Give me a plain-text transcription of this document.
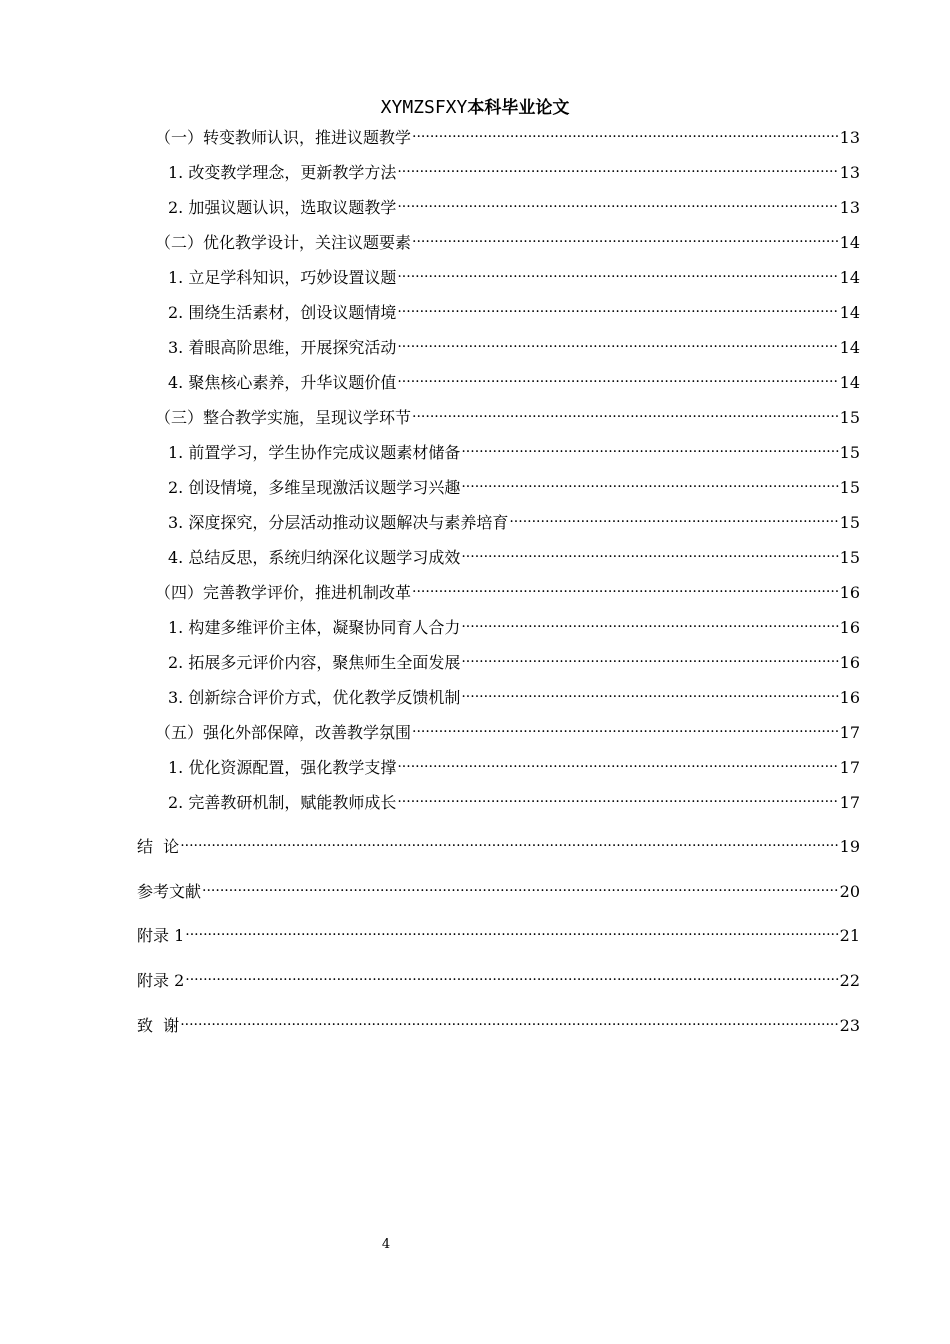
XYMZSFXY本科毕业论文
（一）转变教师认识，推进议题教学 .....	13
1. 改变教学理念，更新教学方法 .....	13
2. 加强议题认识，选取议题教学 .....	13
（二）优化教学设计，关注议题要素 .....	14
1. 立足学科知识，巧妙设置议题 .....	14
2. 围绕生活素材，创设议题情境 .....	14
3. 着眼高阶思维，开展探究活动 .....	14
4. 聚焦核心素养，升华议题价值 .....	14
（三）整合教学实施，呈现议学环节 .....	15
1. 前置学习，学生协作完成议题素材储备 .....	15
2. 创设情境，多维呈现激活议题学习兴趣 .....	15
3. 深度探究，分层活动推动议题解决与素养培育 .....	15
4. 总结反思，系统归纳深化议题学习成效 .....	15
（四）完善教学评价，推进机制改革 .....	16
1. 构建多维评价主体，凝聚协同育人合力 .....	16
2. 拓展多元评价内容，聚焦师生全面发展 .....	16
3. 创新综合评价方式，优化教学反馈机制 .....	16
（五）强化外部保障，改善教学氛围 .....	17
1. 优化资源配置，强化教学支撑 .....	17
2. 完善教研机制，赋能教师成长 .....	17
结  论 .....	19
参考文献 .....	20
附录 1 .....	21
附录 2 .....	22
致  谢 .....	23
4
